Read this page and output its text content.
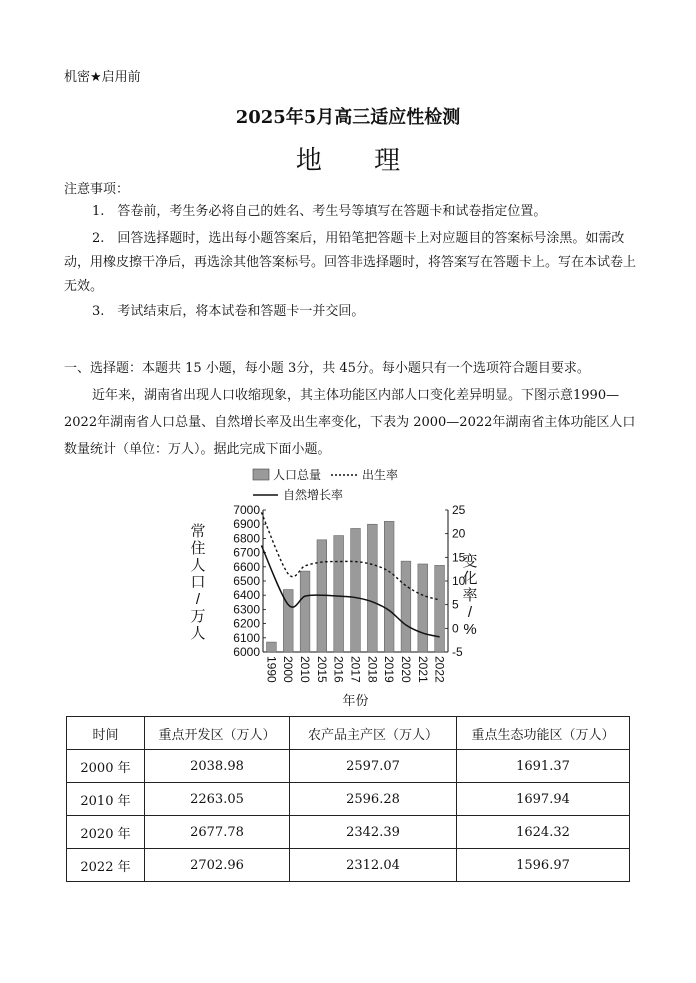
机密★启用前
2025年5月高三适应性检测
地 理
注意事项：
1.　答卷前，考生务必将自己的姓名、考生号等填写在答题卡和试卷指定位置。
2.　回答选择题时，选出每小题答案后，用铅笔把答题卡上对应题目的答案标号涂黑。如需改动，用橡皮擦干净后，再选涂其他答案标号。回答非选择题时，将答案写在答题卡上。写在本试卷上无效。
3.　考试结束后，将本试卷和答题卡一并交回。
一、选择题：本题共 15 小题，每小题 3分，共 45分。每小题只有一个选项符合题目要求。
近年来，湖南省出现人口收缩现象，其主体功能区内部人口变化差异明显。下图示意1990—2022年湖南省人口总量、自然增长率及出生率变化，下表为 2000—2022年湖南省主体功能区人口数量统计（单位：万人）。据此完成下面小题。
人口总量	出生率
自然增长率
7000
6900
6800
6700
6600
6500
6400
6300
6200
6100
6000
25
20
15
10
5
0
-5
1990 2000 2010 2015 2016 2017 2018 2019 2020 2021 2022
年份
常
住
人
口
/
万
人
变
化
率
/
%
时间	重点开发区（万人）	农产品主产区（万人）	重点生态功能区（万人）
2000 年	2038.98	2597.07	1691.37
2010 年	2263.05	2596.28	1697.94
2020 年	2677.78	2342.39	1624.32
2022 年	2702.96	2312.04	1596.97
